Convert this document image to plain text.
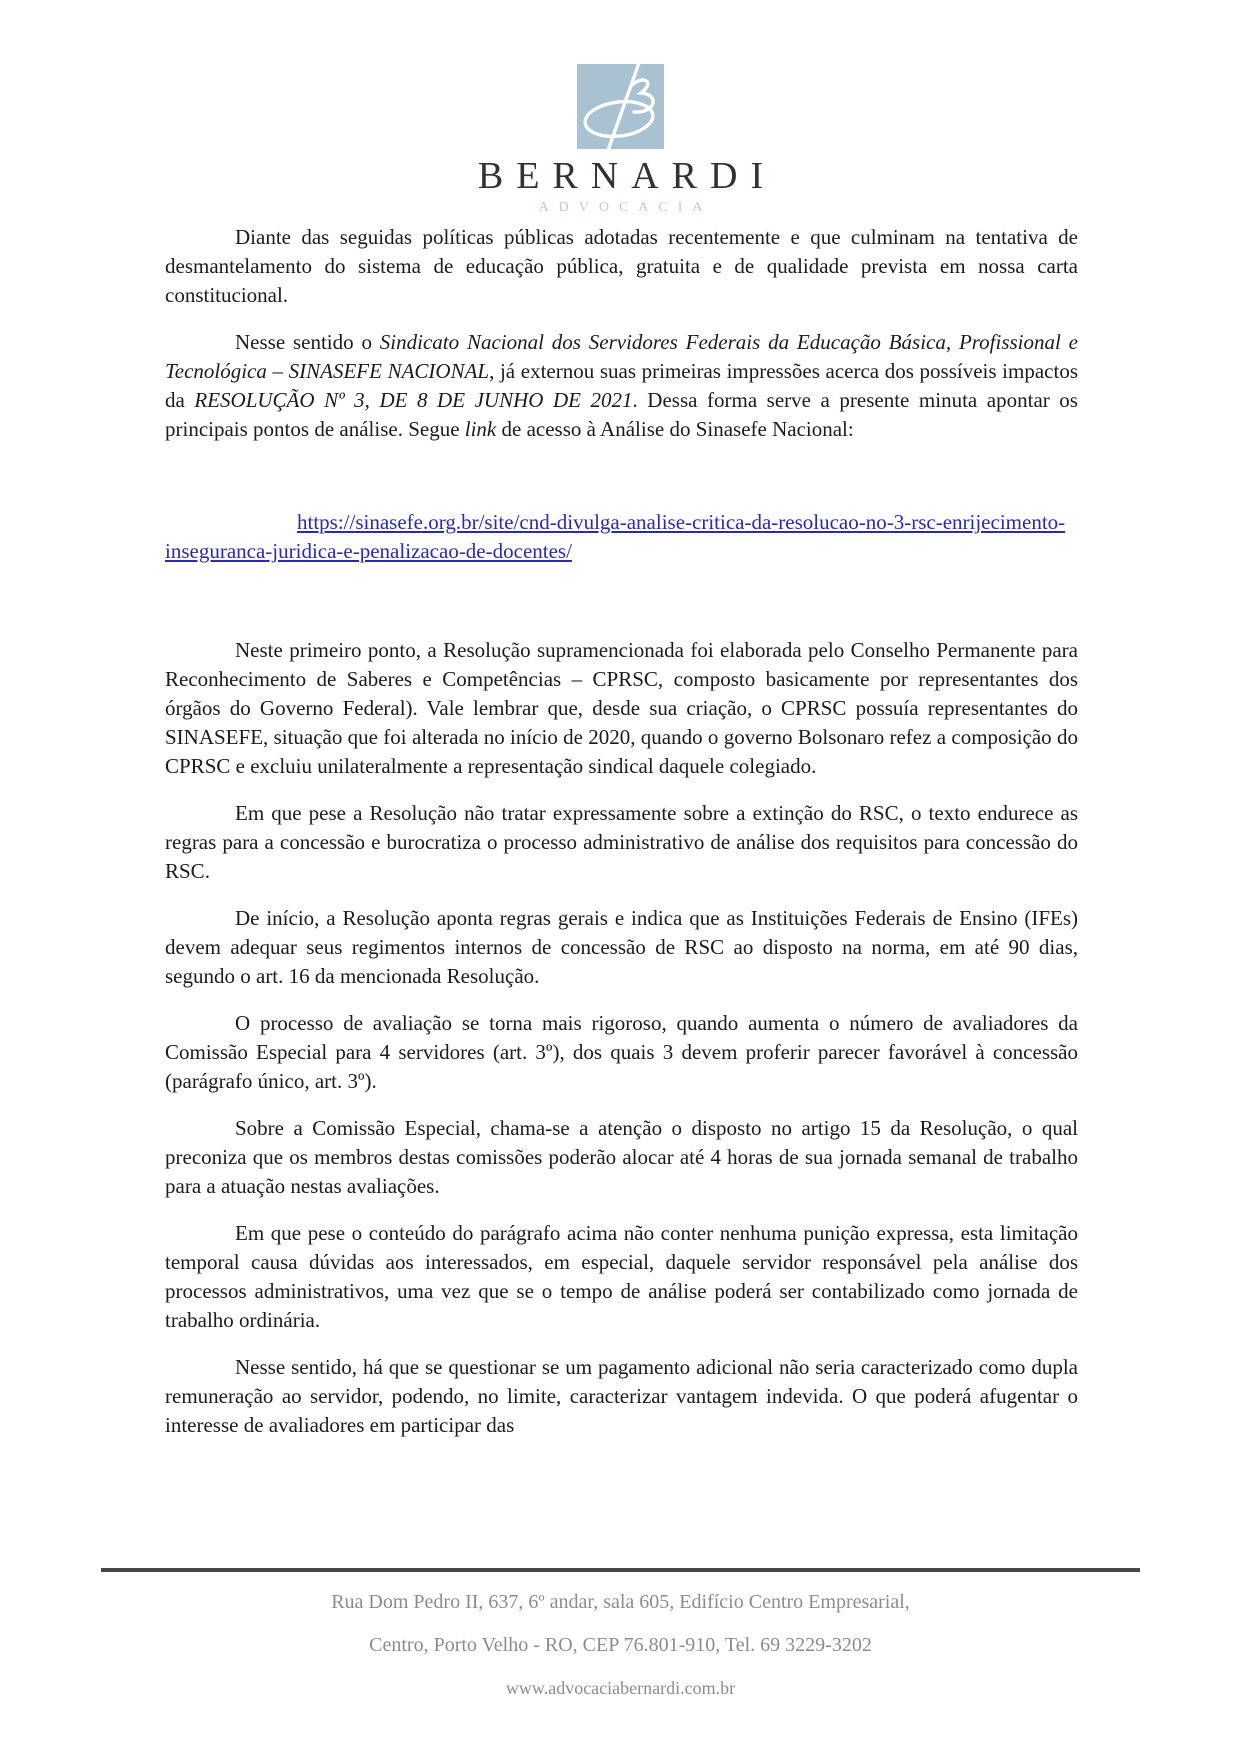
BERNARDI
ADVOCACIA

Diante das seguidas políticas públicas adotadas recentemente e que culminam na tentativa de desmantelamento do sistema de educação pública, gratuita e de qualidade prevista em nossa carta constitucional.

Nesse sentido o Sindicato Nacional dos Servidores Federais da Educação Básica, Profissional e Tecnológica – SINASEFE NACIONAL, já externou suas primeiras impressões acerca dos possíveis impactos da RESOLUÇÃO Nº 3, DE 8 DE JUNHO DE 2021. Dessa forma serve a presente minuta apontar os principais pontos de análise. Segue link de acesso à Análise do Sinasefe Nacional:

https://sinasefe.org.br/site/cnd-divulga-analise-critica-da-resolucao-no-3-rsc-enrijecimento-inseguranca-juridica-e-penalizacao-de-docentes/

Neste primeiro ponto, a Resolução supramencionada foi elaborada pelo Conselho Permanente para Reconhecimento de Saberes e Competências – CPRSC, composto basicamente por representantes dos órgãos do Governo Federal). Vale lembrar que, desde sua criação, o CPRSC possuía representantes do SINASEFE, situação que foi alterada no início de 2020, quando o governo Bolsonaro refez a composição do CPRSC e excluiu unilateralmente a representação sindical daquele colegiado.

Em que pese a Resolução não tratar expressamente sobre a extinção do RSC, o texto endurece as regras para a concessão e burocratiza o processo administrativo de análise dos requisitos para concessão do RSC.

De início, a Resolução aponta regras gerais e indica que as Instituições Federais de Ensino (IFEs) devem adequar seus regimentos internos de concessão de RSC ao disposto na norma, em até 90 dias, segundo o art. 16 da mencionada Resolução.

O processo de avaliação se torna mais rigoroso, quando aumenta o número de avaliadores da Comissão Especial para 4 servidores (art. 3º), dos quais 3 devem proferir parecer favorável à concessão (parágrafo único, art. 3º).

Sobre a Comissão Especial, chama-se a atenção o disposto no artigo 15 da Resolução, o qual preconiza que os membros destas comissões poderão alocar até 4 horas de sua jornada semanal de trabalho para a atuação nestas avaliações.

Em que pese o conteúdo do parágrafo acima não conter nenhuma punição expressa, esta limitação temporal causa dúvidas aos interessados, em especial, daquele servidor responsável pela análise dos processos administrativos, uma vez que se o tempo de análise poderá ser contabilizado como jornada de trabalho ordinária.

Nesse sentido, há que se questionar se um pagamento adicional não seria caracterizado como dupla remuneração ao servidor, podendo, no limite, caracterizar vantagem indevida. O que poderá afugentar o interesse de avaliadores em participar das

Rua Dom Pedro II, 637, 6º andar, sala 605, Edifício Centro Empresarial,

Centro, Porto Velho - RO, CEP 76.801-910, Tel. 69 3229-3202

www.advocaciabernardi.com.br
